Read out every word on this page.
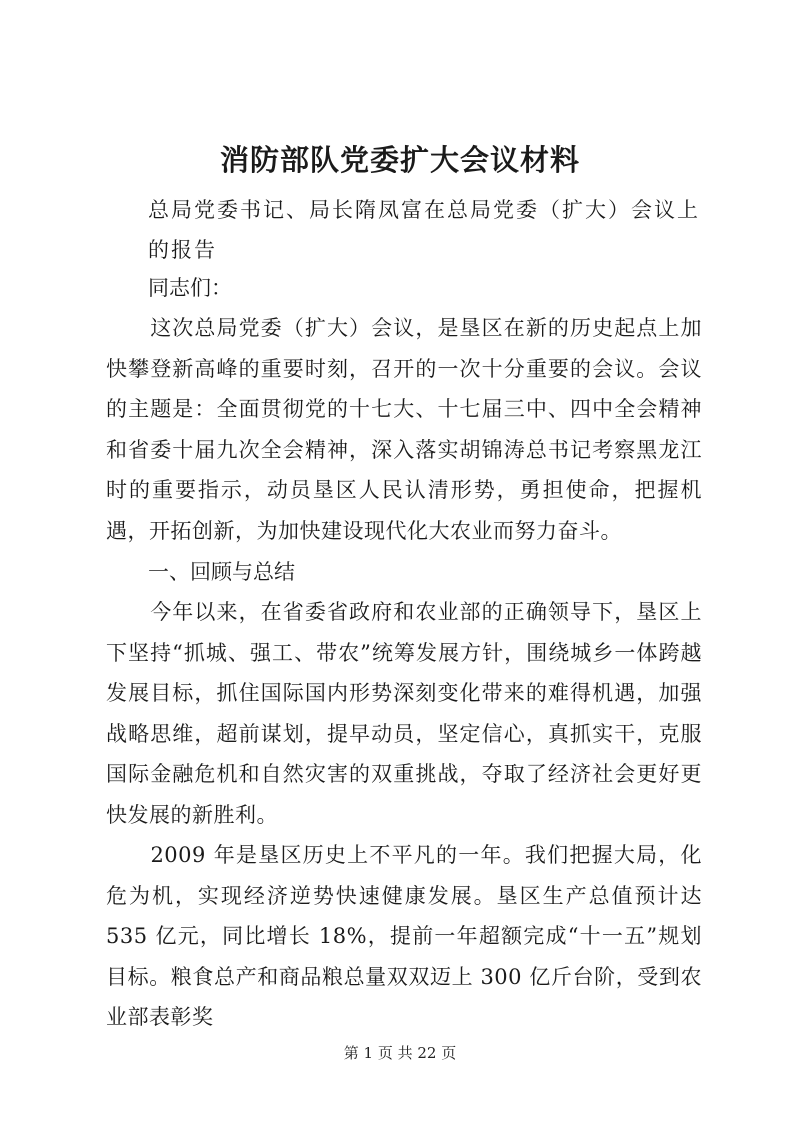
消防部队党委扩大会议材料
总局党委书记、局长隋凤富在总局党委（扩大）会议上的报告
同志们：
　　这次总局党委（扩大）会议，是垦区在新的历史起点上加快攀登新高峰的重要时刻，召开的一次十分重要的会议。会议的主题是：全面贯彻党的十七大、十七届三中、四中全会精神和省委十届九次全会精神，深入落实胡锦涛总书记考察黑龙江时的重要指示，动员垦区人民认清形势，勇担使命，把握机遇，开拓创新，为加快建设现代化大农业而努力奋斗。
一、回顾与总结
　　今年以来，在省委省政府和农业部的正确领导下，垦区上下坚持“抓城、强工、带农”统筹发展方针，围绕城乡一体跨越发展目标，抓住国际国内形势深刻变化带来的难得机遇，加强战略思维，超前谋划，提早动员，坚定信心，真抓实干，克服国际金融危机和自然灾害的双重挑战，夺取了经济社会更好更快发展的新胜利。
　　2009 年是垦区历史上不平凡的一年。我们把握大局，化危为机，实现经济逆势快速健康发展。垦区生产总值预计达 535 亿元，同比增长 18%，提前一年超额完成“十一五”规划目标。粮食总产和商品粮总量双双迈上 300 亿斤台阶，受到农业部表彰奖
第 1 页 共 22 页
